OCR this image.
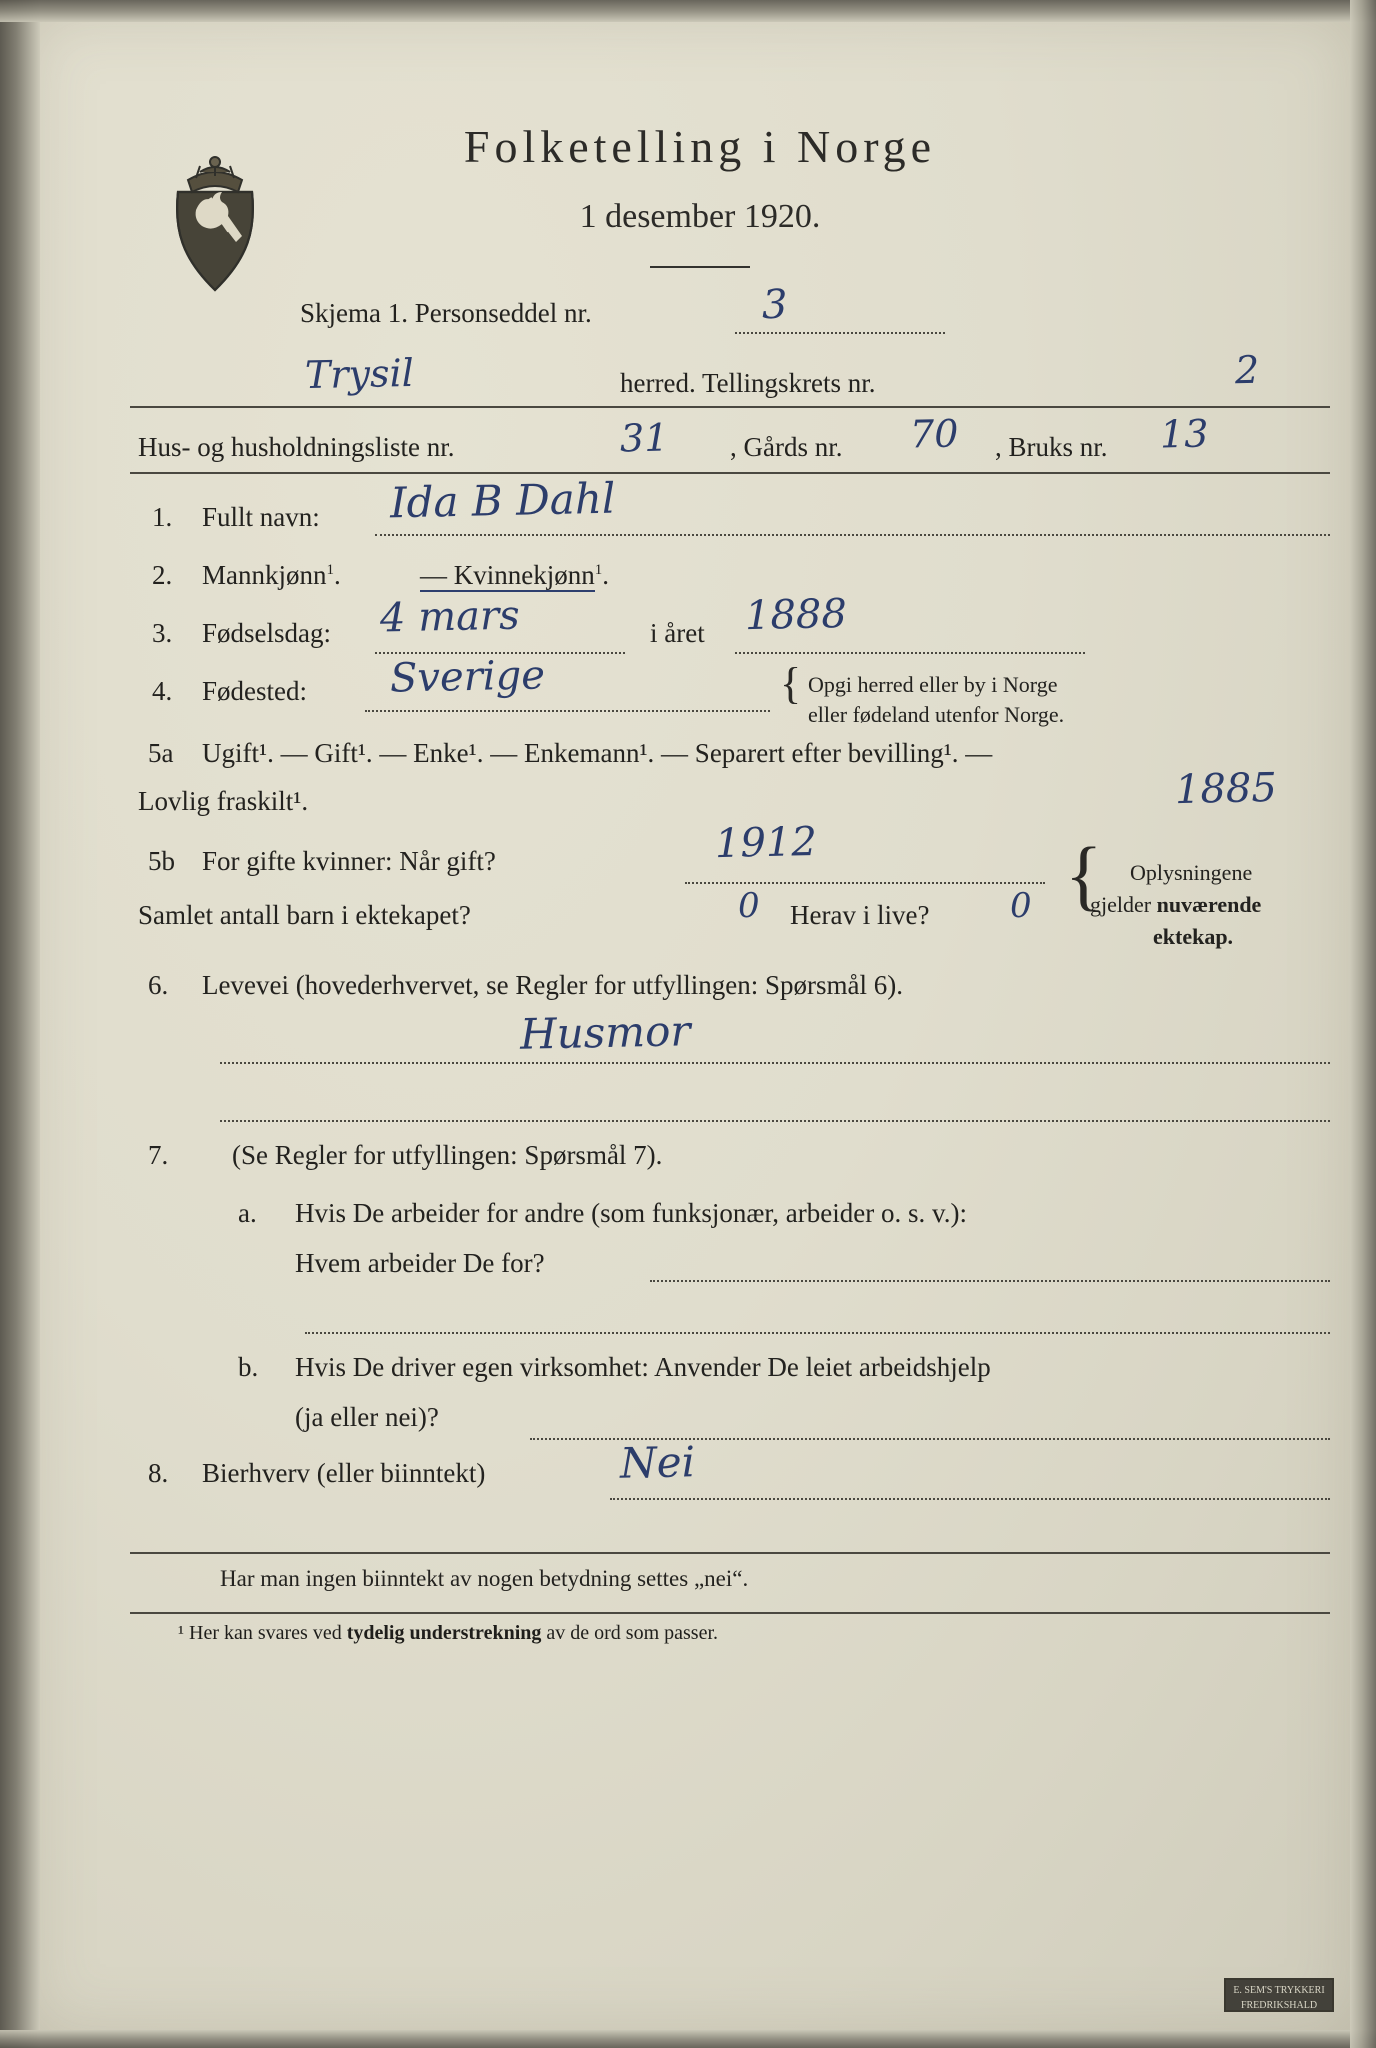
Folketelling i Norge
1 desember 1920.
Skjema 1. Personseddel nr.	3
Trysil	herred. Tellingskrets nr.	2
Hus- og husholdningsliste nr.	31 , Gårds nr. 70 , Bruks nr. 13
1. Fullt navn: Ida B Dahl
2. Mannkjønn$^1$.	— Kvinnekjønn$^1$.
3. Fødselsdag: 4 mars	i året 1888
4. Fødested: Sverige	{ Opgi herred eller by i Norge
eller fødeland utenfor Norge.
5a Ugift¹. — Gift¹. — Enke¹. — Enkemann¹. — Separert efter bevilling¹. —
Lovlig fraskilt¹.	1885
5b For gifte kvinner: Når gift?	1912
Samlet antall barn i ektekapet?	0 Herav i live? 0 { Oplysningene
gjelder nuværende
ektekap.
6. Levevei (hovederhvervet, se Regler for utfyllingen: Spørsmål 6).
Husmor
7. (Se Regler for utfyllingen: Spørsmål 7).
a. Hvis De arbeider for andre (som funksjonær, arbeider o. s. v.):
Hvem arbeider De for?
b. Hvis De driver egen virksomhet: Anvender De leiet arbeidshjelp
(ja eller nei)?
8. Bierhverv (eller biinntekt)	Nei
Har man ingen biinntekt av nogen betydning settes „nei“.
¹ Her kan svares ved tydelig understrekning av de ord som passer.
E. SEM'S TRYKKERI
FREDRIKSHALD
